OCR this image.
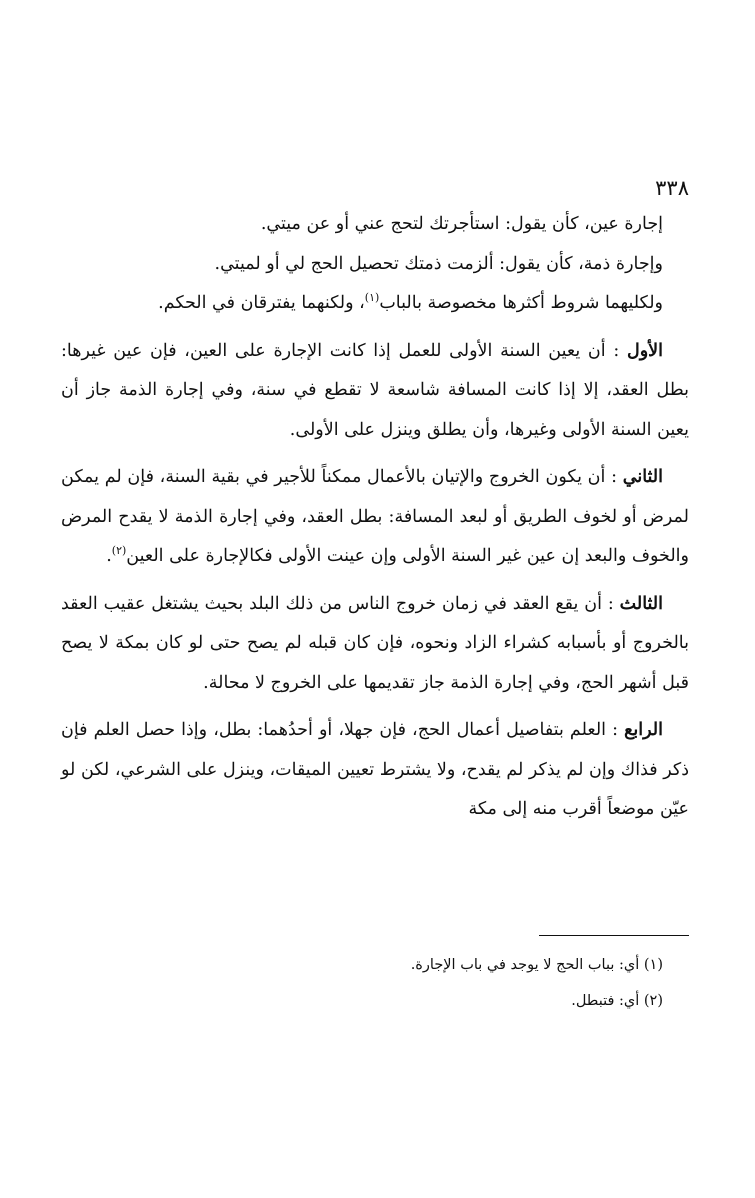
٣٣٨

إجارة عين، كأن يقول: استأجرتك لتحج عني أو عن ميتي.

وإجارة ذمة، كأن يقول: ألزمت ذمتك تحصيل الحج لي أو لميتي.

ولكليهما شروط أكثرها مخصوصة بالباب$^{(١)}$، ولكنهما يفترقان في الحكم.

الأول : أن يعين السنة الأولى للعمل إذا كانت الإجارة على العين، فإن عين غيرها: بطل العقد، إلا إذا كانت المسافة شاسعة لا تقطع في سنة، وفي إجارة الذمة جاز أن يعين السنة الأولى وغيرها، وأن يطلق وينزل على الأولى.

الثاني : أن يكون الخروج والإتيان بالأعمال ممكناً للأجير في بقية السنة، فإن لم يمكن لمرض أو لخوف الطريق أو لبعد المسافة: بطل العقد، وفي إجارة الذمة لا يقدح المرض والخوف والبعد إن عين غير السنة الأولى وإن عينت الأولى فكالإجارة على العين$^{(٢)}$.

الثالث : أن يقع العقد في زمان خروج الناس من ذلك البلد بحيث يشتغل عقيب العقد بالخروج أو بأسبابه كشراء الزاد ونحوه، فإن كان قبله لم يصح حتى لو كان بمكة لا يصح قبل أشهر الحج، وفي إجارة الذمة جاز تقديمها على الخروج لا محالة.

الرابع : العلم بتفاصيل أعمال الحج، فإن جهلا، أو أحدُهما: بطل، وإذا حصل العلم فإن ذكر فذاك وإن لم يذكر لم يقدح، ولا يشترط تعيين الميقات، وينزل على الشرعي، لكن لو عيّن موضعاً أقرب منه إلى مكة

(١) أي: بباب الحج لا يوجد في باب الإجارة.

(٢) أي: فتبطل.
